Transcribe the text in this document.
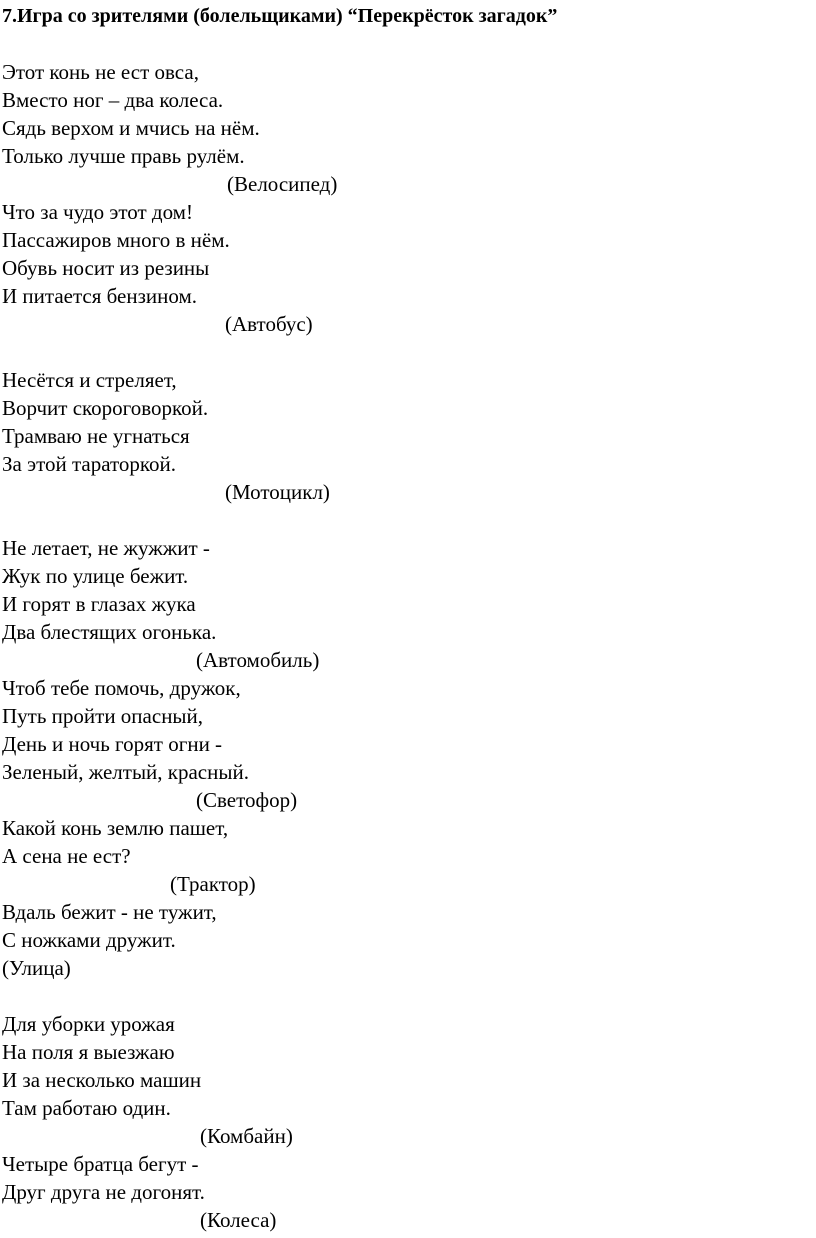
7.Игра со зрителями (болельщиками) “Перекрёсток загадок”
Этот конь не ест овса,
Вместо ног – два колеса.
Сядь верхом и мчись на нём.
Только лучше правь рулём.
(Велосипед)
Что за чудо этот дом!
Пассажиров много в нём.
Обувь носит из резины
И питается бензином.
(Автобус)
Несётся и стреляет,
Ворчит скороговоркой.
Трамваю не угнаться
За этой тараторкой.
(Мотоцикл)
Не летает, не жужжит -
Жук по улице бежит.
И горят в глазах жука
Два блестящих огонька.
(Автомобиль)
Чтоб тебе помочь, дружок,
Путь пройти опасный,
День и ночь горят огни -
Зеленый, желтый, красный.
(Светофор)
Какой конь землю пашет,
А сена не ест?
(Трактор)
Вдаль бежит - не тужит,
С ножками дружит.
(Улица)
Для уборки урожая
На поля я выезжаю
И за несколько машин
Там работаю один.
(Комбайн)
Четыре братца бегут -
Друг друга не догонят.
(Колеса)
